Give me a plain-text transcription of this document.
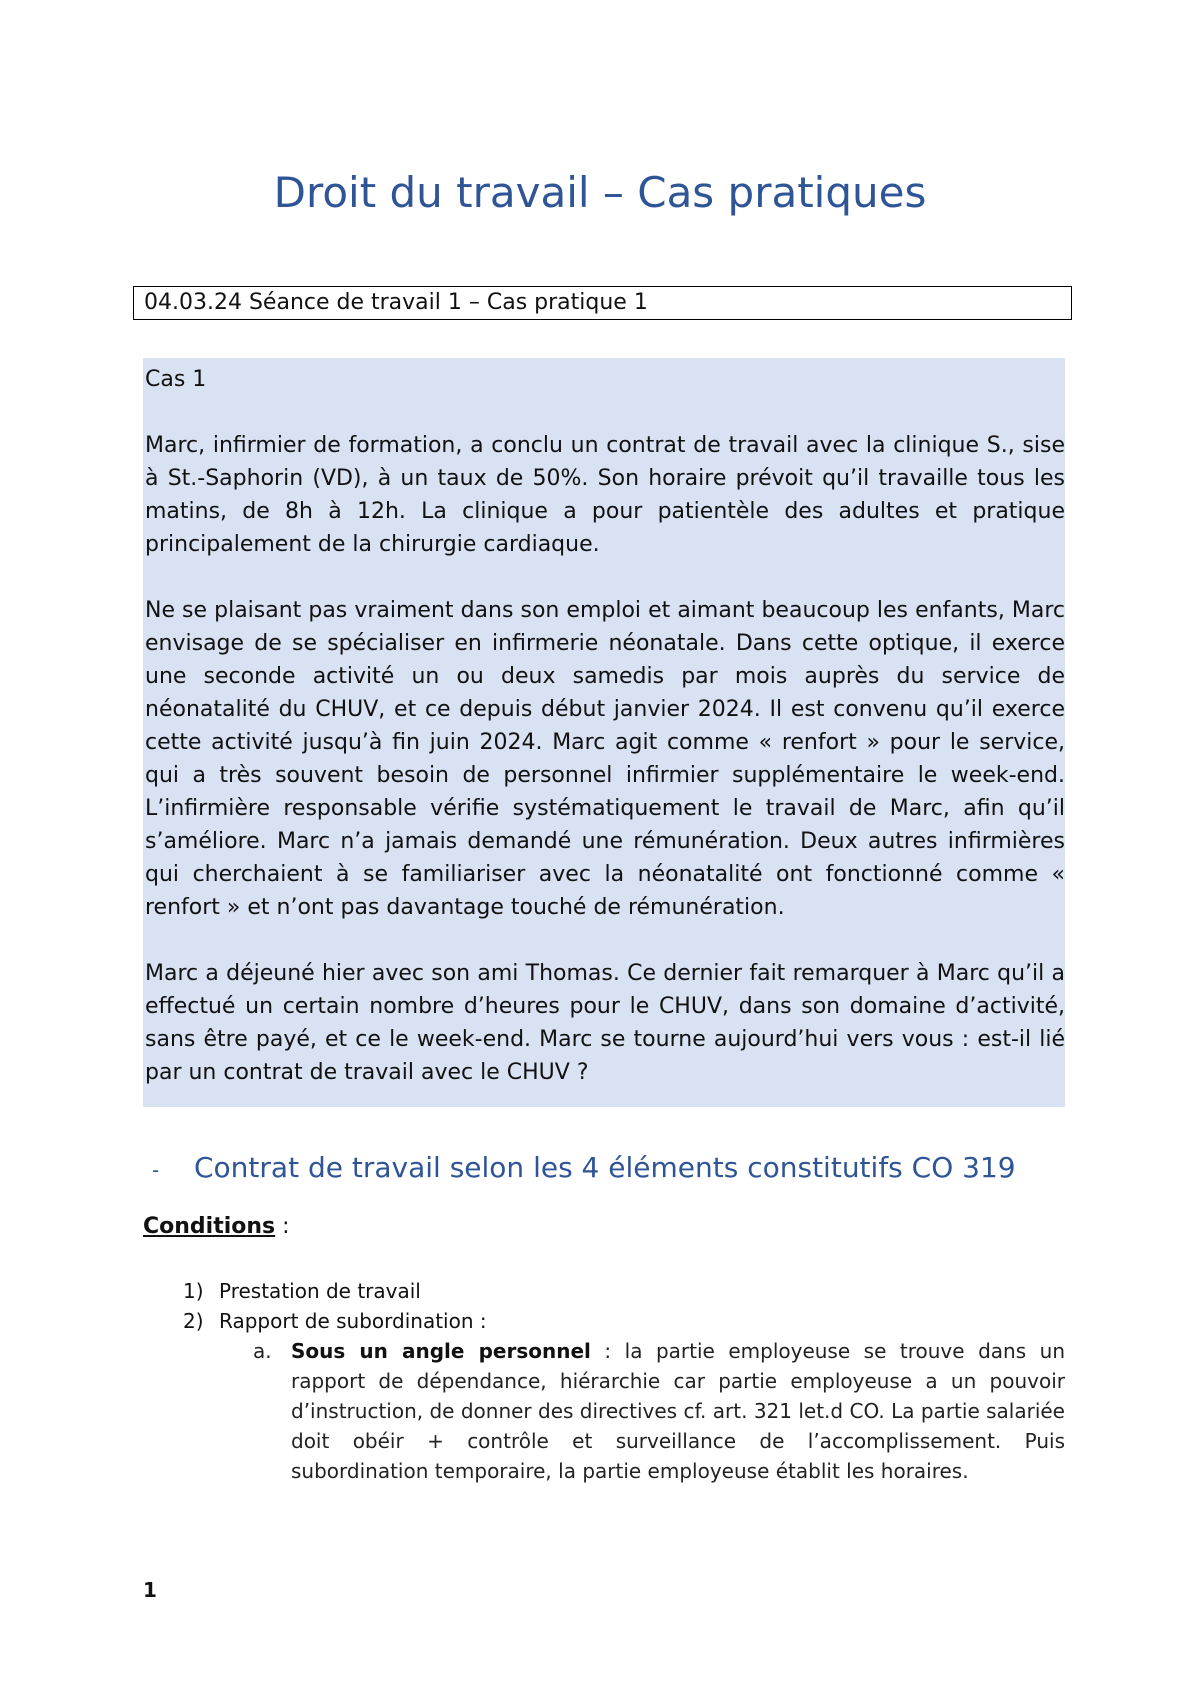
Droit du travail – Cas pratiques
04.03.24 Séance de travail 1 – Cas pratique 1

Cas 1

Marc, infirmier de formation, a conclu un contrat de travail avec la clinique S., sise à St.-Saphorin (VD), à un taux de 50%. Son horaire prévoit qu’il travaille tous les matins, de 8h à 12h. La clinique a pour patientèle des adultes et pratique principalement de la chirurgie cardiaque.

Ne se plaisant pas vraiment dans son emploi et aimant beaucoup les enfants, Marc envisage de se spécialiser en infirmerie néonatale. Dans cette optique, il exerce une seconde activité un ou deux samedis par mois auprès du service de néonatalité du CHUV, et ce depuis début janvier 2024. Il est convenu qu’il exerce cette activité jusqu’à fin juin 2024. Marc agit comme « renfort » pour le service, qui a très souvent besoin de personnel infirmier supplémentaire le week-end. L’infirmière responsable vérifie systématiquement le travail de Marc, afin qu’il s’améliore. Marc n’a jamais demandé une rémunération. Deux autres infirmières qui cherchaient à se familiariser avec la néonatalité ont fonctionné comme « renfort » et n’ont pas davantage touché de rémunération.

Marc a déjeuné hier avec son ami Thomas. Ce dernier fait remarquer à Marc qu’il a effectué un certain nombre d’heures pour le CHUV, dans son domaine d’activité, sans être payé, et ce le week-end. Marc se tourne aujourd’hui vers vous : est-il lié par un contrat de travail avec le CHUV ?

- Contrat de travail selon les 4 éléments constitutifs CO 319
Conditions :
1) Prestation de travail
2) Rapport de subordination :
a. Sous un angle personnel : la partie employeuse se trouve dans un rapport de dépendance, hiérarchie car partie employeuse a un pouvoir d’instruction, de donner des directives cf. art. 321 let.d CO. La partie salariée doit obéir + contrôle et surveillance de l’accomplissement. Puis subordination temporaire, la partie employeuse établit les horaires.
1
